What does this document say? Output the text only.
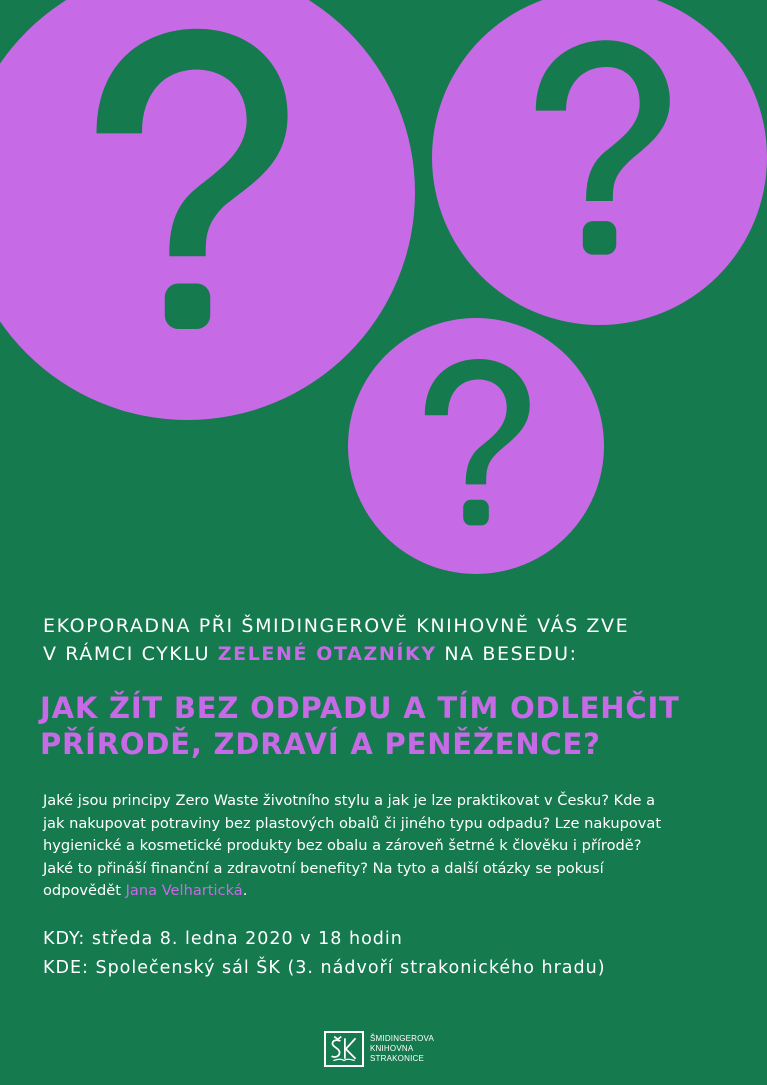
EKOPORADNA PŘI ŠMIDINGEROVĚ KNIHOVNĚ VÁS ZVE
V RÁMCI CYKLU ZELENÉ OTAZNÍKY NA BESEDU:
JAK ŽÍT BEZ ODPADU A TÍM ODLEHČIT
PŘÍRODĚ, ZDRAVÍ A PENĚŽENCE?
Jaké jsou principy Zero Waste životního stylu a jak je lze praktikovat v Česku? Kde a
jak nakupovat potraviny bez plastových obalů či jiného typu odpadu? Lze nakupovat
hygienické a kosmetické produkty bez obalu a zároveň šetrné k člověku i přírodě?
Jaké to přináší finanční a zdravotní benefity? Na tyto a další otázky se pokusí
odpovědět Jana Velhartická.
KDY: středa 8. ledna 2020 v 18 hodin
KDE: Společenský sál ŠK (3. nádvoří strakonického hradu)
ŠMIDINGEROVA
KNIHOVNA
STRAKONICE
